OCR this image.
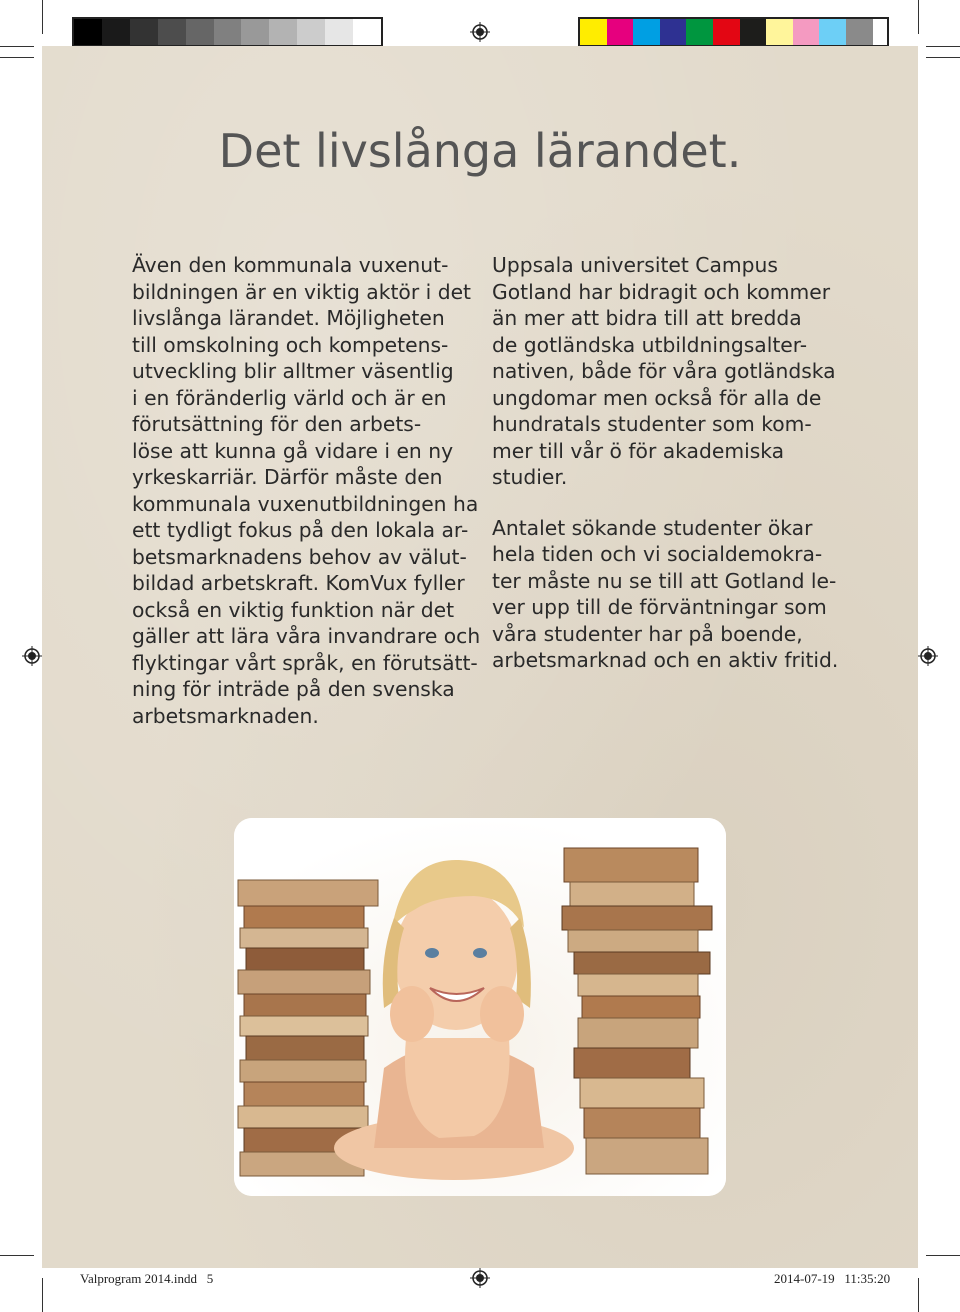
Det livslånga lärandet.

Även den kommunala vuxenut-
bildningen är en viktig aktör i det
livslånga lärandet. Möjligheten
till omskolning och kompetens-
utveckling blir alltmer väsentlig
i en föränderlig värld och är en
förutsättning för den arbets-
löse att kunna gå vidare i en ny
yrkeskarriär. Därför måste den
kommunala vuxenutbildningen ha
ett tydligt fokus på den lokala ar-
betsmarknadens behov av välut-
bildad arbetskraft. KomVux fyller
också en viktig funktion när det
gäller att lära våra invandrare och
flyktingar vårt språk, en förutsätt-
ning för inträde på den svenska
arbetsmarknaden.

Uppsala universitet Campus
Gotland har bidragit och kommer
än mer att bidra till att bredda
de gotländska utbildningsalter-
nativen, både för våra gotländska
ungdomar men också för alla de
hundratals studenter som kom-
mer till vår ö för akademiska
studier.

Antalet sökande studenter ökar
hela tiden och vi socialdemokra-
ter måste nu se till att Gotland le-
ver upp till de förväntningar som
våra studenter har på boende,
arbetsmarknad och en aktiv fritid.

Valprogram 2014.indd   5	2014-07-19   11:35:20
